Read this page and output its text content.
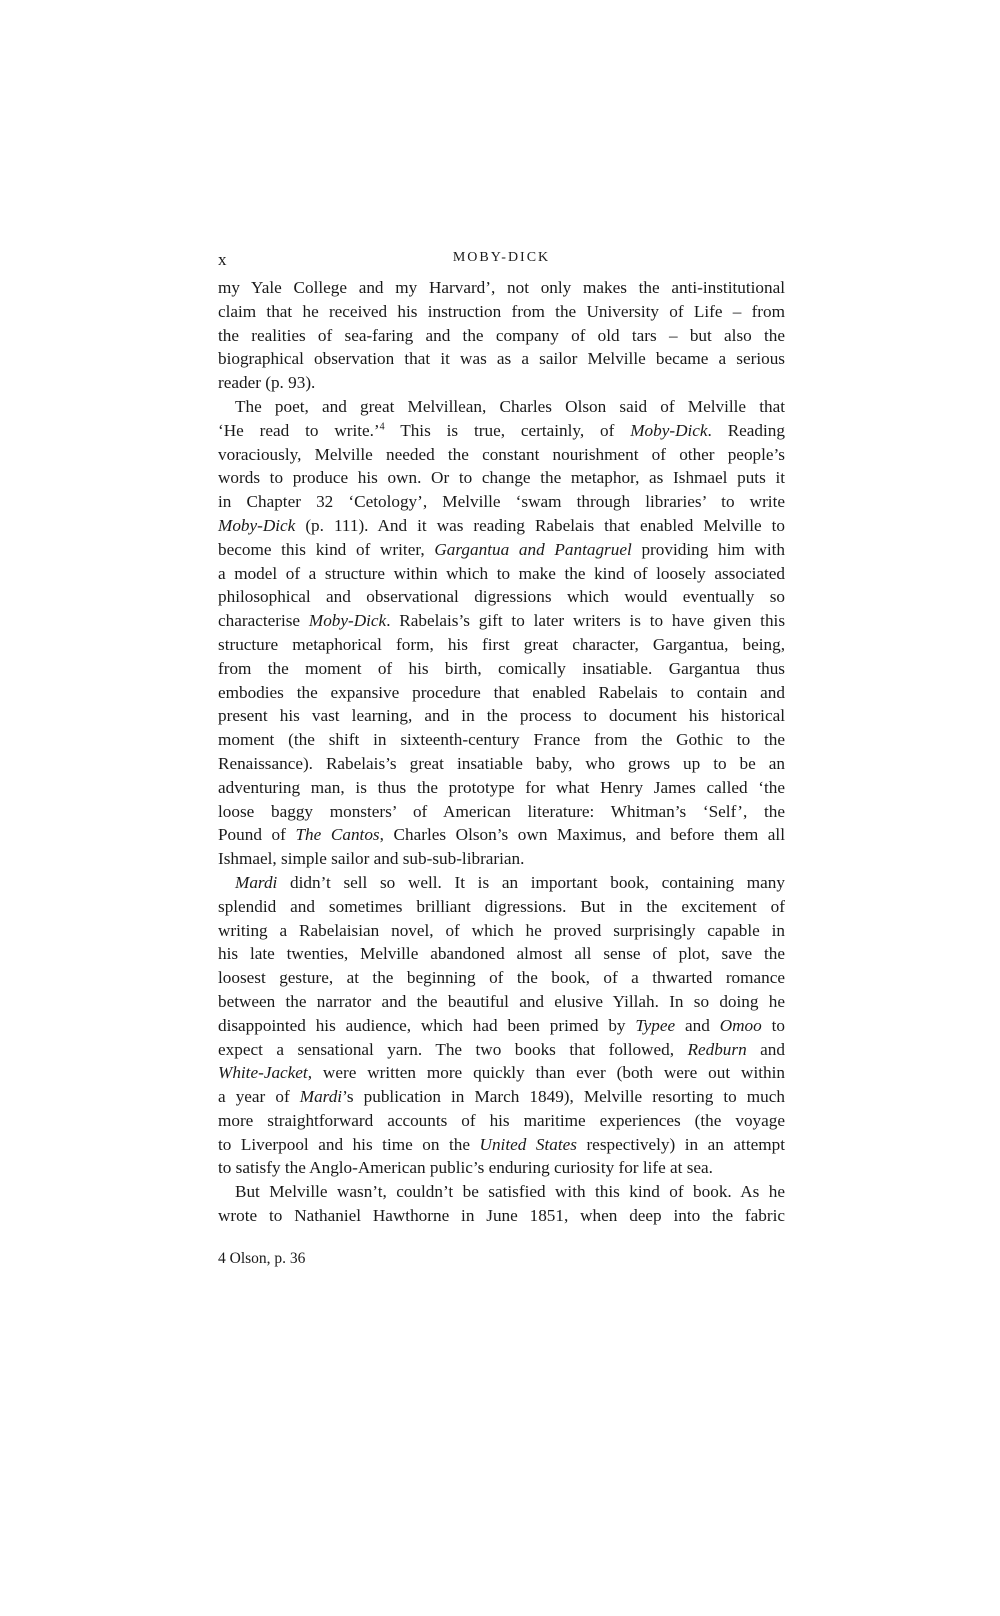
x	MOBY-DICK
my Yale College and my Harvard’, not only makes the anti-institutional
claim that he received his instruction from the University of Life – from
the realities of sea-faring and the company of old tars – but also the
biographical observation that it was as a sailor Melville became a serious
reader (p. 93).
The poet, and great Melvillean, Charles Olson said of Melville that
‘He read to write.’$^4$ This is true, certainly, of Moby-Dick. Reading
voraciously, Melville needed the constant nourishment of other people’s
words to produce his own. Or to change the metaphor, as Ishmael puts it
in Chapter 32 ‘Cetology’, Melville ‘swam through libraries’ to write
Moby-Dick (p. 111). And it was reading Rabelais that enabled Melville to
become this kind of writer, Gargantua and Pantagruel providing him with
a model of a structure within which to make the kind of loosely associated
philosophical and observational digressions which would eventually so
characterise Moby-Dick. Rabelais’s gift to later writers is to have given this
structure metaphorical form, his first great character, Gargantua, being,
from the moment of his birth, comically insatiable. Gargantua thus
embodies the expansive procedure that enabled Rabelais to contain and
present his vast learning, and in the process to document his historical
moment (the shift in sixteenth-century France from the Gothic to the
Renaissance). Rabelais’s great insatiable baby, who grows up to be an
adventuring man, is thus the prototype for what Henry James called ‘the
loose baggy monsters’ of American literature: Whitman’s ‘Self’, the
Pound of The Cantos, Charles Olson’s own Maximus, and before them all
Ishmael, simple sailor and sub-sub-librarian.
Mardi didn’t sell so well. It is an important book, containing many
splendid and sometimes brilliant digressions. But in the excitement of
writing a Rabelaisian novel, of which he proved surprisingly capable in
his late twenties, Melville abandoned almost all sense of plot, save the
loosest gesture, at the beginning of the book, of a thwarted romance
between the narrator and the beautiful and elusive Yillah. In so doing he
disappointed his audience, which had been primed by Typee and Omoo to
expect a sensational yarn. The two books that followed, Redburn and
White-Jacket, were written more quickly than ever (both were out within
a year of Mardi’s publication in March 1849), Melville resorting to much
more straightforward accounts of his maritime experiences (the voyage
to Liverpool and his time on the United States respectively) in an attempt
to satisfy the Anglo-American public’s enduring curiosity for life at sea.
But Melville wasn’t, couldn’t be satisfied with this kind of book. As he
wrote to Nathaniel Hawthorne in June 1851, when deep into the fabric
4 Olson, p. 36
